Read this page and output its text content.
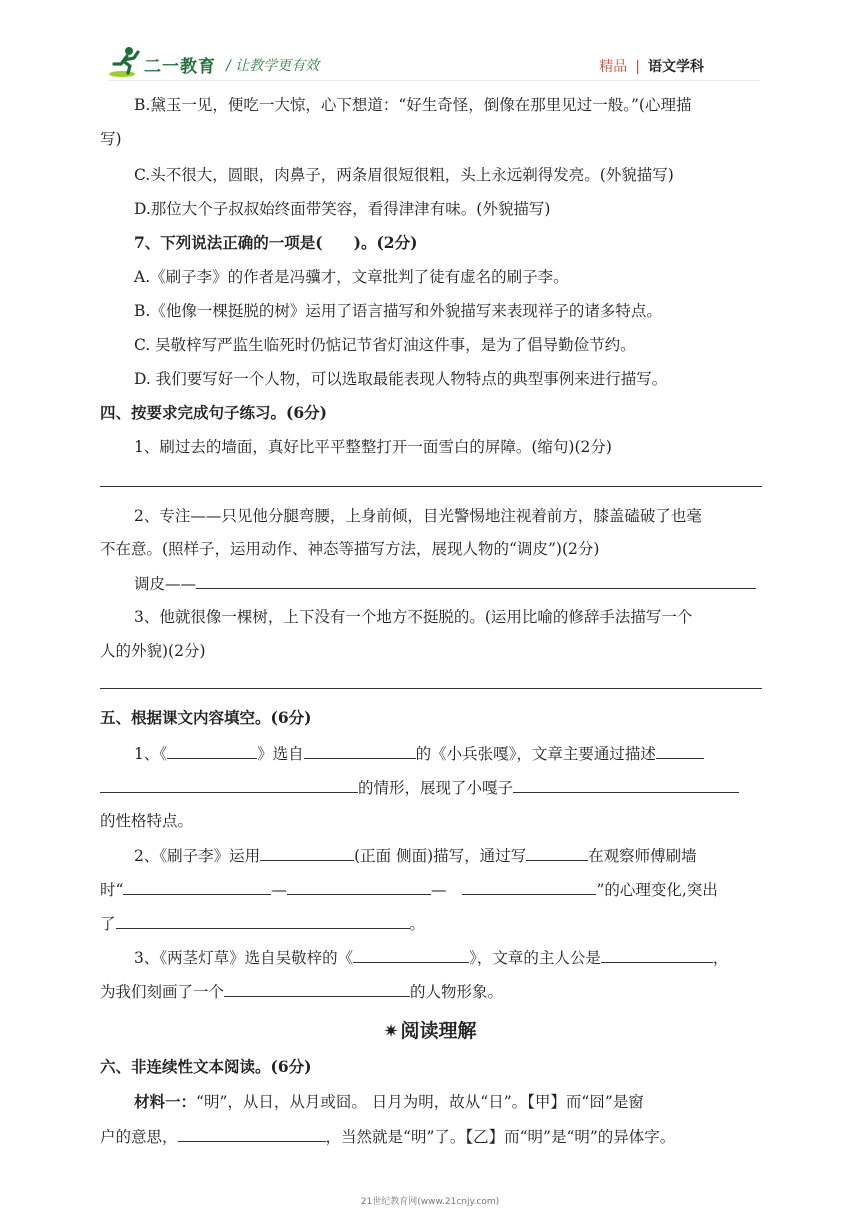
二一教育 / 让教学更有效	精品 | 语文学科
B.黛玉一见，便吃一大惊，心下想道：“好生奇怪，倒像在那里见过一般。”(心理描
写)
C.头不很大，圆眼，肉鼻子，两条眉很短很粗，头上永远剃得发亮。(外貌描写)
D.那位大个子叔叔始终面带笑容，看得津津有味。(外貌描写)
7、下列说法正确的一项是(　　)。(2分)
A.《刷子李》的作者是冯骥才，文章批判了徒有虚名的刷子李。
B.《他像一棵挺脱的树》运用了语言描写和外貌描写来表现祥子的诸多特点。
C. 吴敬梓写严监生临死时仍惦记节省灯油这件事，是为了倡导勤俭节约。
D. 我们要写好一个人物，可以选取最能表现人物特点的典型事例来进行描写。
四、按要求完成句子练习。(6分)
1、刷过去的墙面，真好比平平整整打开一面雪白的屏障。(缩句)(2分)
2、专注——只见他分腿弯腰，上身前倾，目光警惕地注视着前方，膝盖磕破了也毫
不在意。(照样子，运用动作、神态等描写方法，展现人物的“调皮”)(2分)
调皮——
3、他就很像一棵树，上下没有一个地方不挺脱的。(运用比喻的修辞手法描写一个
人的外貌)(2分)
五、根据课文内容填空。(6分)
1、《	》选自	的《小兵张嘎》，文章主要通过描述
的情形，展现了小嘎子
的性格特点。
2、《刷子李》运用	(正面 侧面)描写，通过写	在观察师傅刷墙
时“	—	—	”的心理变化,突出
了	。
3、《两茎灯草》选自吴敬梓的《	》，文章的主人公是	，
为我们刻画了一个	的人物形象。
✷ 阅读理解
六、非连续性文本阅读。(6分)
材料一：“明”，从日，从月或囧。 日月为明，故从“日”。【甲】而“囧”是窗
户的意思，	，当然就是“明”了。【乙】而“明”是“明”的异体字。
21世纪教育网(www.21cnjy.com)
